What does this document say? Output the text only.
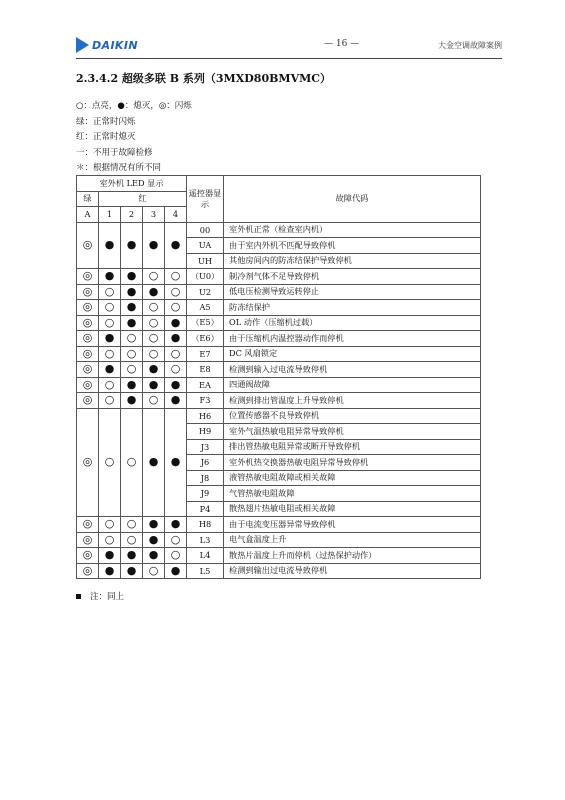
DAIKIN	— 16 —	大金空调故障案例
2.3.4.2 超级多联 B 系列（3MXD80BMVMC）
○：点亮，●：熄灭，◎：闪烁
绿：正常时闪烁
红：正常时熄灭
一：不用于故障检修
＊：根据情况有所不同
室外机 LED 显示					遥控器显示	故障代码
绿	红					
A	1	2	3	4		
◎	●	●	●	●	00	室外机正常（检查室内机）
					UA	由于室内外机不匹配导致停机
					UH	其他房间内的防冻结保护导致停机
◎	●	●	○	○	（U0）	制冷剂气体不足导致停机
◎	○	●	●	○	U2	低电压检测导致运转停止
◎	○	●	○	○	A5	防冻结保护
◎	○	●	○	●	（E5）	OL 动作（压缩机过载）
◎	●	○	○	●	（E6）	由于压缩机内温控器动作而停机
◎	○	○	○	○	E7	DC 风扇锁定
◎	●	○	●	○	E8	检测到输入过电流导致停机
◎	○	●	●	●	EA	四通阀故障
◎	○	●	○	●	F3	检测到排出管温度上升导致停机
◎	○	○	●	●	H6	位置传感器不良导致停机
					H9	室外气温热敏电阻异常导致停机
					J3	排出管热敏电阻异常或断开导致停机
					J6	室外机热交换器热敏电阻异常导致停机
					J8	液管热敏电阻故障或相关故障
					J9	气管热敏电阻故障
					P4	散热翅片热敏电阻或相关故障
◎	○	○	●	●	H8	由于电流变压器异常导致停机
◎	○	○	●	○	L3	电气盒温度上升
◎	●	●	●	○	L4	散热片温度上升而停机（过热保护动作）
◎	●	●	○	●	L5	检测到输出过电流导致停机
注：同上
